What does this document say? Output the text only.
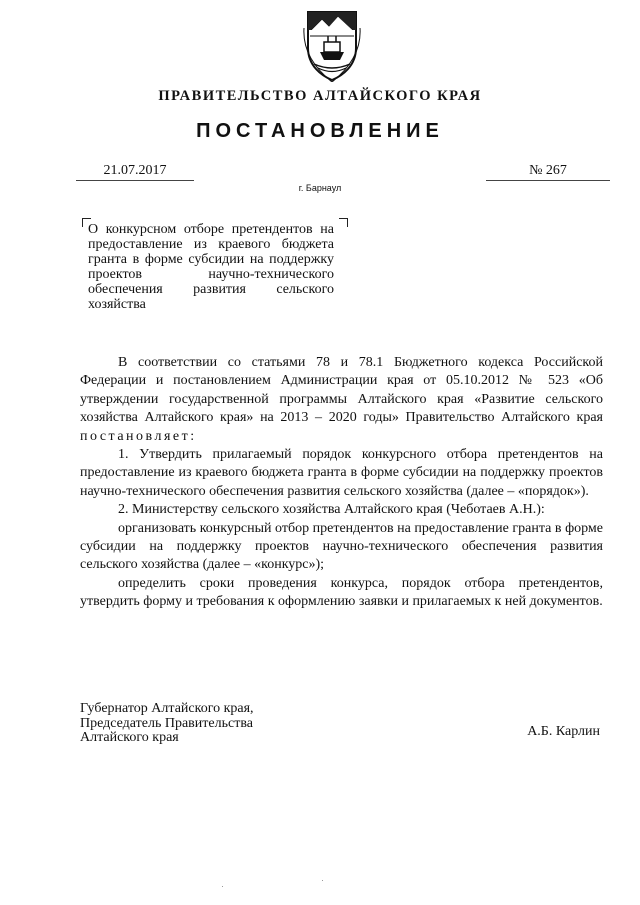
ПРАВИТЕЛЬСТВО АЛТАЙСКОГО КРАЯ
ПОСТАНОВЛЕНИЕ
21.07.2017	№ 267
г. Барнаул
О конкурсном отборе претендентов на предоставление из краевого бюджета гранта в форме субсидии на поддержку проектов научно-технического обеспечения развития сельского хозяйства

В соответствии со статьями 78 и 78.1 Бюджетного кодекса Российской Федерации и постановлением Администрации края от 05.10.2012 № 523 «Об утверждении государственной программы Алтайского края «Развитие сельского хозяйства Алтайского края» на 2013 – 2020 годы» Правительство Алтайского края постановляет:

1. Утвердить прилагаемый порядок конкурсного отбора претендентов на предоставление из краевого бюджета гранта в форме субсидии на поддержку проектов научно-технического обеспечения развития сельского хозяйства (далее – «порядок»).

2. Министерству сельского хозяйства Алтайского края (Чеботаев А.Н.):

организовать конкурсный отбор претендентов на предоставление гранта в форме субсидии на поддержку проектов научно-технического обеспечения развития сельского хозяйства (далее – «конкурс»);

определить сроки проведения конкурса, порядок отбора претендентов, утвердить форму и требования к оформлению заявки и прилагаемых к ней документов.

Губернатор Алтайского края,
Председатель Правительства
Алтайского края	А.Б. Карлин
